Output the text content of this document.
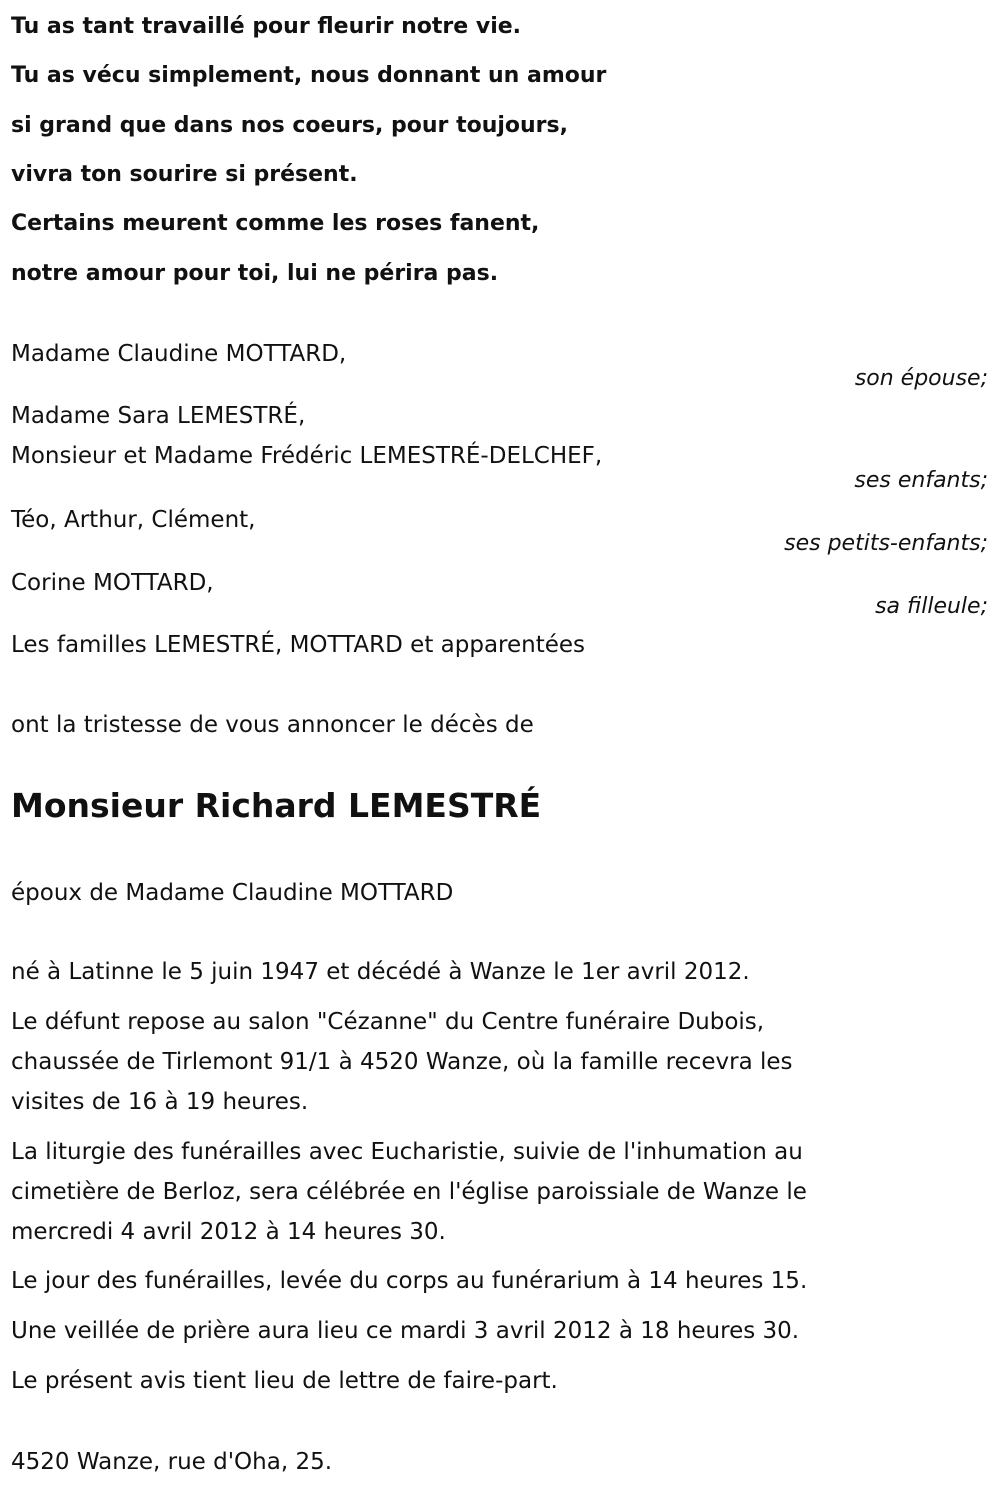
Tu as tant travaillé pour fleurir notre vie.
Tu as vécu simplement, nous donnant un amour
si grand que dans nos coeurs, pour toujours,
vivra ton sourire si présent.
Certains meurent comme les roses fanent,
notre amour pour toi, lui ne périra pas.
Madame Claudine MOTTARD,
son épouse;
Madame Sara LEMESTRÉ,
Monsieur et Madame Frédéric LEMESTRÉ-DELCHEF,
ses enfants;
Téo, Arthur, Clément,
ses petits-enfants;
Corine MOTTARD,
sa filleule;
Les familles LEMESTRÉ, MOTTARD et apparentées
ont la tristesse de vous annoncer le décès de
Monsieur Richard LEMESTRÉ
époux de Madame Claudine MOTTARD
né à Latinne le 5 juin 1947 et décédé à Wanze le 1er avril 2012.
Le défunt repose au salon "Cézanne" du Centre funéraire Dubois,
chaussée de Tirlemont 91/1 à 4520 Wanze, où la famille recevra les
visites de 16 à 19 heures.
La liturgie des funérailles avec Eucharistie, suivie de l'inhumation au
cimetière de Berloz, sera célébrée en l'église paroissiale de Wanze le
mercredi 4 avril 2012 à 14 heures 30.
Le jour des funérailles, levée du corps au funérarium à 14 heures 15.
Une veillée de prière aura lieu ce mardi 3 avril 2012 à 18 heures 30.
Le présent avis tient lieu de lettre de faire-part.
4520 Wanze, rue d'Oha, 25.
